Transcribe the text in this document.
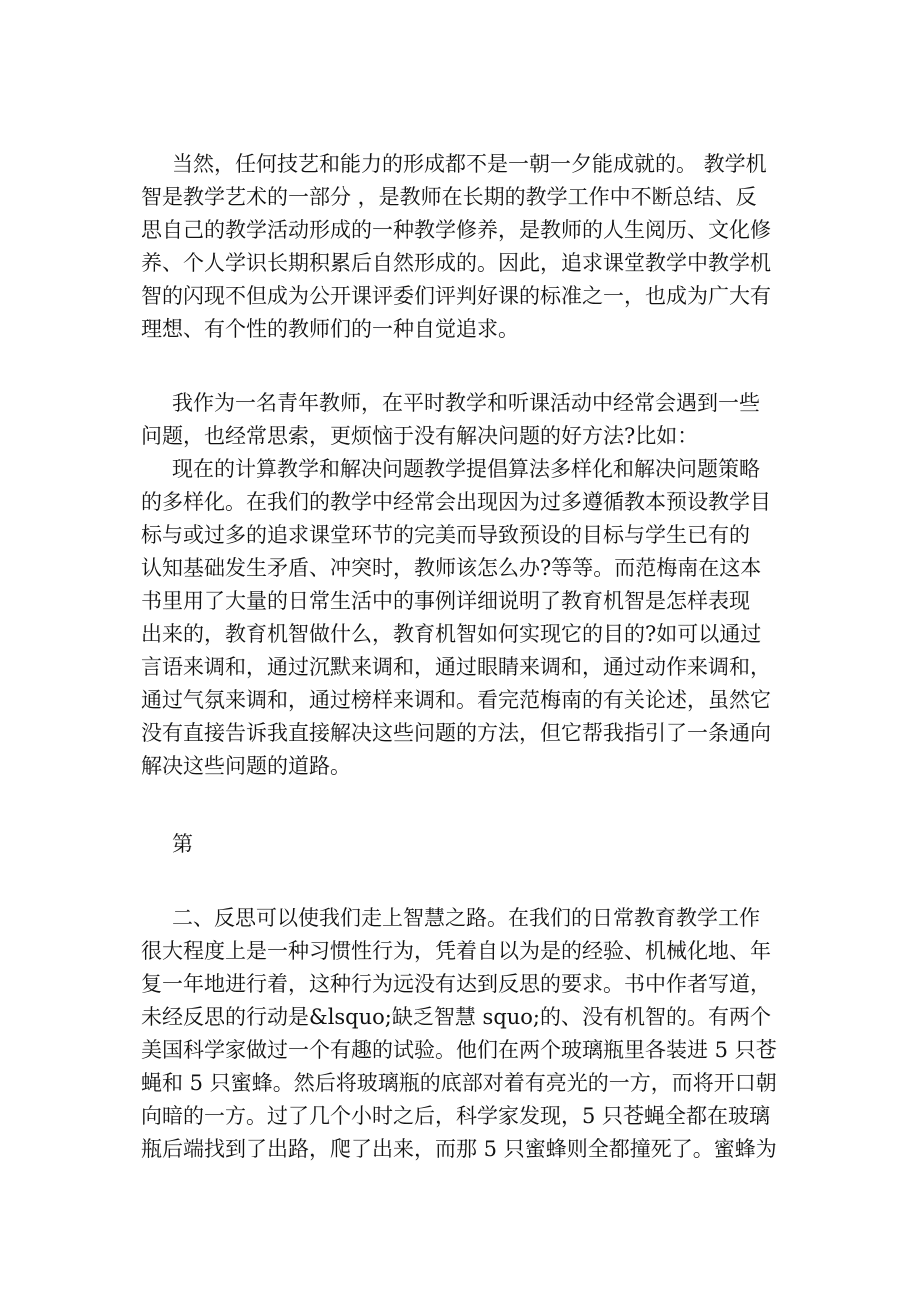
当然，任何技艺和能力的形成都不是一朝一夕能成就的。 教学机
智是教学艺术的一部分 ，是教师在长期的教学工作中不断总结、反
思自己的教学活动形成的一种教学修养，是教师的人生阅历、文化修
养、个人学识长期积累后自然形成的。因此，追求课堂教学中教学机
智的闪现不但成为公开课评委们评判好课的标准之一，也成为广大有
理想、有个性的教师们的一种自觉追求。
我作为一名青年教师，在平时教学和听课活动中经常会遇到一些
问题，也经常思索，更烦恼于没有解决问题的好方法?比如：
现在的计算教学和解决问题教学提倡算法多样化和解决问题策略
的多样化。在我们的教学中经常会出现因为过多遵循教本预设教学目
标与或过多的追求课堂环节的完美而导致预设的目标与学生已有的
认知基础发生矛盾、冲突时，教师该怎么办?等等。而范梅南在这本
书里用了大量的日常生活中的事例详细说明了教育机智是怎样表现
出来的，教育机智做什么，教育机智如何实现它的目的?如可以通过
言语来调和，通过沉默来调和，通过眼睛来调和，通过动作来调和，
通过气氛来调和，通过榜样来调和。看完范梅南的有关论述，虽然它
没有直接告诉我直接解决这些问题的方法，但它帮我指引了一条通向
解决这些问题的道路。
第
二、反思可以使我们走上智慧之路。在我们的日常教育教学工作
很大程度上是一种习惯性行为，凭着自以为是的经验、机械化地、年
复一年地进行着，这种行为远没有达到反思的要求。书中作者写道，
未经反思的行动是&lsquo;缺乏智慧 squo;的、没有机智的。有两个
美国科学家做过一个有趣的试验。他们在两个玻璃瓶里各装进 5 只苍
蝇和 5 只蜜蜂。然后将玻璃瓶的底部对着有亮光的一方，而将开口朝
向暗的一方。过了几个小时之后，科学家发现，5 只苍蝇全都在玻璃
瓶后端找到了出路，爬了出来，而那 5 只蜜蜂则全都撞死了。蜜蜂为
